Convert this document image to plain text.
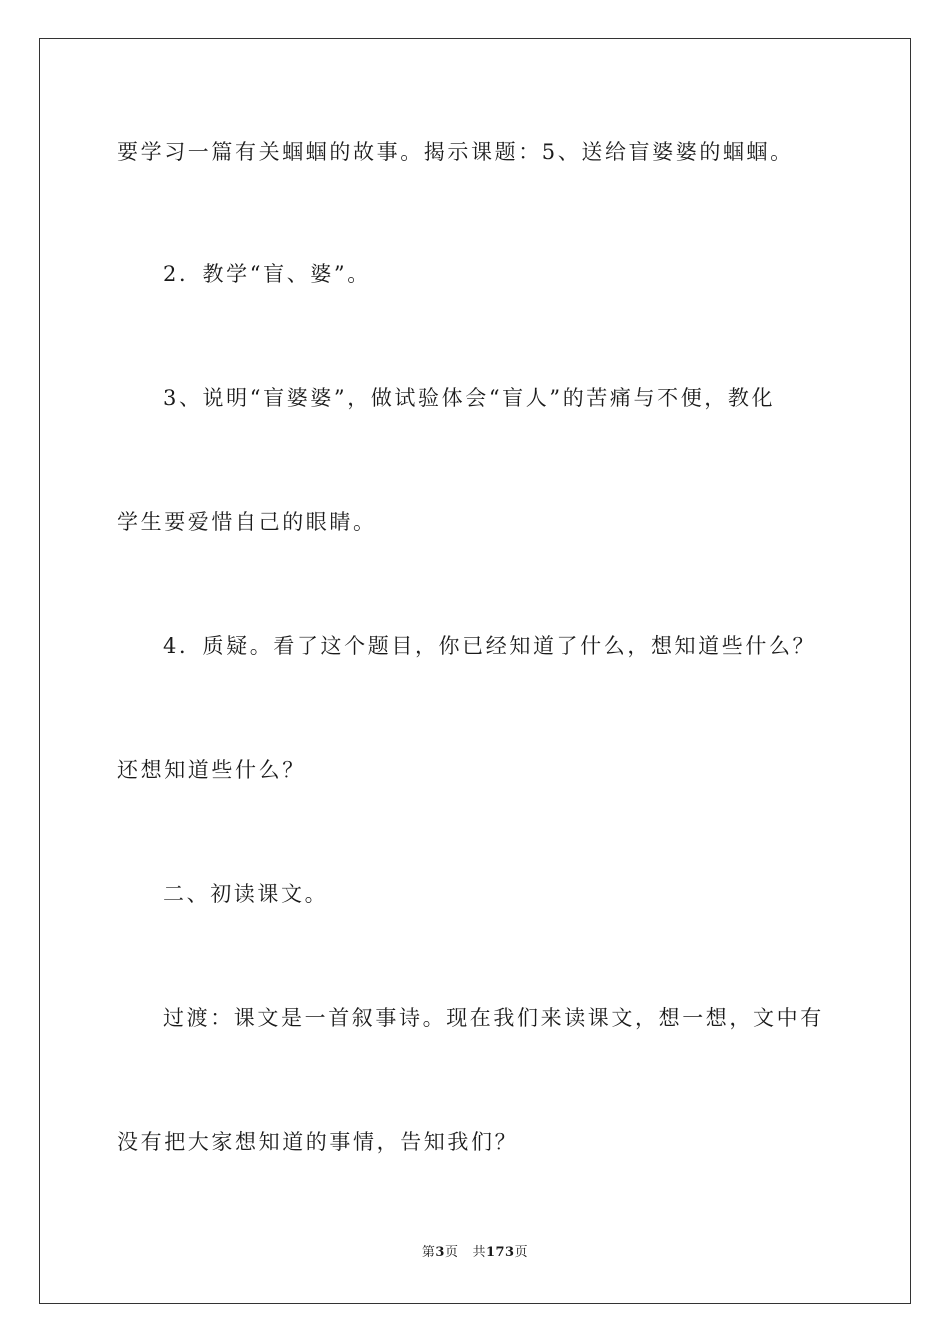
要学习一篇有关蝈蝈的故事。揭示课题：5、送给盲婆婆的蝈蝈。
2．教学“盲、婆”。
3、说明“盲婆婆”，做试验体会“盲人”的苦痛与不便，教化
学生要爱惜自己的眼睛。
4．质疑。看了这个题目，你已经知道了什么，想知道些什么？
还想知道些什么？
二、初读课文。
过渡：课文是一首叙事诗。现在我们来读课文，想一想，文中有
没有把大家想知道的事情，告知我们？
第3页 共173页
